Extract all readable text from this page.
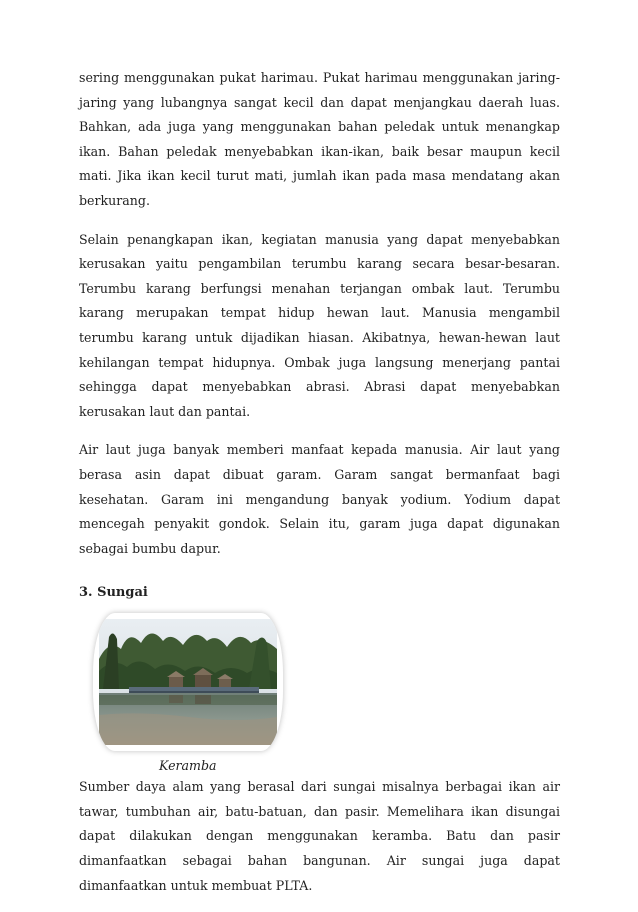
sering menggunakan pukat harimau. Pukat harimau menggunakan jaring-jaring yang lubangnya sangat kecil dan dapat menjangkau daerah luas. Bahkan, ada juga yang menggunakan bahan peledak untuk menangkap ikan. Bahan peledak menyebabkan ikan-ikan, baik besar maupun kecil mati. Jika ikan kecil turut mati, jumlah ikan pada masa mendatang akan berkurang.

Selain penangkapan ikan, kegiatan manusia yang dapat menyebabkan kerusakan yaitu pengambilan terumbu karang secara besar-besaran. Terumbu karang berfungsi menahan terjangan ombak laut. Terumbu karang merupakan tempat hidup hewan laut. Manusia mengambil terumbu karang untuk dijadikan hiasan. Akibatnya, hewan-hewan laut kehilangan tempat hidupnya. Ombak juga langsung menerjang pantai sehingga dapat menyebabkan abrasi. Abrasi dapat menyebabkan kerusakan laut dan pantai.

Air laut juga banyak memberi manfaat kepada manusia. Air laut yang berasa asin dapat dibuat garam. Garam sangat bermanfaat bagi kesehatan. Garam ini mengandung banyak yodium. Yodium dapat mencegah penyakit gondok. Selain itu, garam juga dapat digunakan sebagai bumbu dapur.

3. Sungai
Keramba

Sumber daya alam yang berasal dari sungai misalnya berbagai ikan air tawar, tumbuhan air, batu-batuan, dan pasir. Memelihara ikan disungai dapat dilakukan dengan menggunakan keramba. Batu dan pasir dimanfaatkan sebagai bahan bangunan. Air sungai juga dapat dimanfaatkan untuk membuat PLTA.
